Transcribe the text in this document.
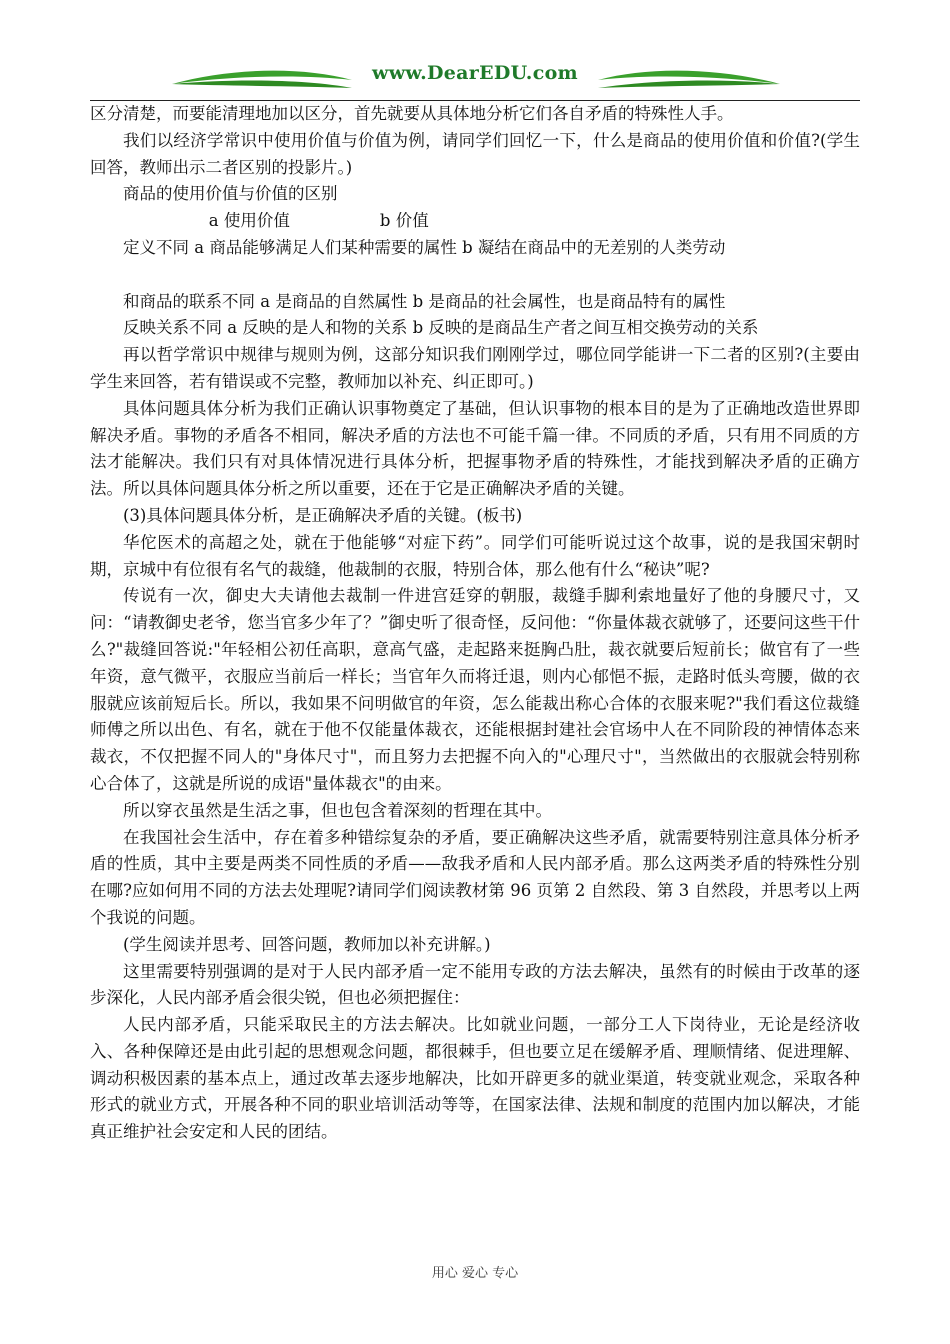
www.DearEDU.com

区分清楚，而要能清理地加以区分，首先就要从具体地分析它们各自矛盾的特殊性人手。

我们以经济学常识中使用价值与价值为例，请同学们回忆一下，什么是商品的使用价值和价值?(学生回答，教师出示二者区别的投影片。)

商品的使用价值与价值的区别

a 使用价值	b 价值

定义不同 a 商品能够满足人们某种需要的属性 b 凝结在商品中的无差别的人类劳动

和商品的联系不同 a 是商品的自然属性 b 是商品的社会属性，也是商品特有的属性

反映关系不同 a 反映的是人和物的关系 b 反映的是商品生产者之间互相交换劳动的关系

再以哲学常识中规律与规则为例，这部分知识我们刚刚学过，哪位同学能讲一下二者的区别?(主要由学生来回答，若有错误或不完整，教师加以补充、纠正即可。)

具体问题具体分析为我们正确认识事物奠定了基础，但认识事物的根本目的是为了正确地改造世界即解决矛盾。事物的矛盾各不相同，解决矛盾的方法也不可能千篇一律。不同质的矛盾，只有用不同质的方法才能解决。我们只有对具体情况进行具体分析，把握事物矛盾的特殊性，才能找到解决矛盾的正确方法。所以具体问题具体分析之所以重要，还在于它是正确解决矛盾的关键。

(3)具体问题具体分析，是正确解决矛盾的关键。(板书)

华佗医术的高超之处，就在于他能够“对症下药”。同学们可能听说过这个故事，说的是我国宋朝时期，京城中有位很有名气的裁缝，他裁制的衣服，特别合体，那么他有什么“秘诀”呢?

传说有一次，御史大夫请他去裁制一件进宫廷穿的朝服，裁缝手脚利索地量好了他的身腰尺寸，又问：“请教御史老爷，您当官多少年了？”御史听了很奇怪，反问他：“你量体裁衣就够了，还要问这些干什么?"裁缝回答说:"年轻相公初任高职，意高气盛，走起路来挺胸凸肚，裁衣就要后短前长；做官有了一些年资，意气微平，衣服应当前后一样长；当官年久而将迁退，则内心郁悒不振，走路时低头弯腰，做的衣服就应该前短后长。所以，我如果不问明做官的年资，怎么能裁出称心合体的衣服来呢?"我们看这位裁缝师傅之所以出色、有名，就在于他不仅能量体裁衣，还能根据封建社会官场中人在不同阶段的神情体态来裁衣，不仅把握不同人的"身体尺寸"，而且努力去把握不向入的"心理尺寸"，当然做出的衣服就会特别称心合体了，这就是所说的成语"量体裁衣"的由来。

所以穿衣虽然是生活之事，但也包含着深刻的哲理在其中。

在我国社会生活中，存在着多种错综复杂的矛盾，要正确解决这些矛盾，就需要特别注意具体分析矛盾的性质，其中主要是两类不同性质的矛盾——敌我矛盾和人民内部矛盾。那么这两类矛盾的特殊性分别在哪?应如何用不同的方法去处理呢?请同学们阅读教材第 96 页第 2 自然段、第 3 自然段，并思考以上两个我说的问题。

(学生阅读并思考、回答问题，教师加以补充讲解。)

这里需要特别强调的是对于人民内部矛盾一定不能用专政的方法去解决，虽然有的时候由于改革的逐步深化，人民内部矛盾会很尖锐，但也必须把握住：

人民内部矛盾，只能采取民主的方法去解决。比如就业问题，一部分工人下岗待业，无论是经济收入、各种保障还是由此引起的思想观念问题，都很棘手，但也要立足在缓解矛盾、理顺情绪、促进理解、调动积极因素的基本点上，通过改革去逐步地解决，比如开辟更多的就业渠道，转变就业观念，采取各种形式的就业方式，开展各种不同的职业培训活动等等，在国家法律、法规和制度的范围内加以解决，才能真正维护社会安定和人民的团结。

用心 爱心 专心
